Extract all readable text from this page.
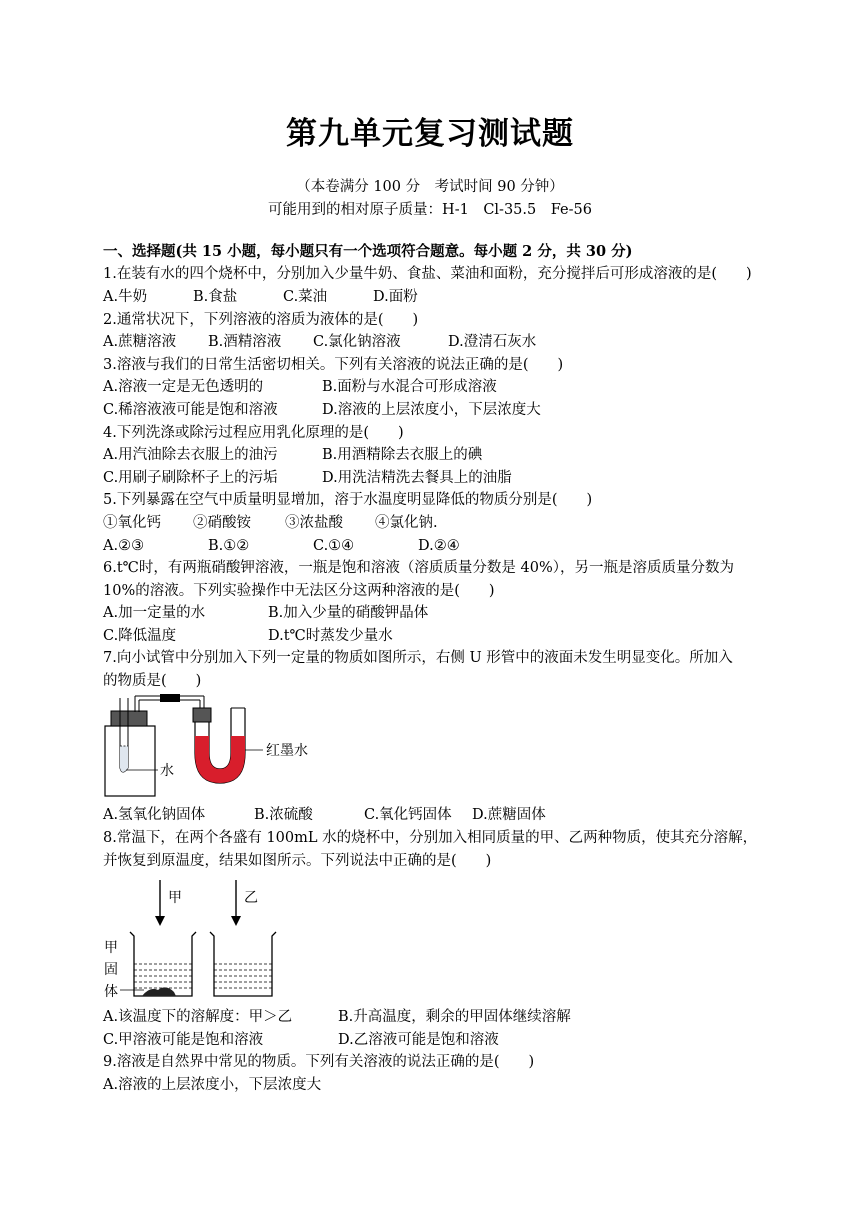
第九单元复习测试题
（本卷满分 100 分　考试时间 90 分钟）
可能用到的相对原子质量：H-1　Cl-35.5　Fe-56
一、选择题(共 15 小题，每小题只有一个选项符合题意。每小题 2 分，共 30 分)
1.在装有水的四个烧杯中，分别加入少量牛奶、食盐、菜油和面粉，充分搅拌后可形成溶液的是(　　)
A.牛奶	B.食盐	C.菜油	D.面粉
2.通常状况下，下列溶液的溶质为液体的是(　　)
A.蔗糖溶液 B.酒精溶液 C.氯化钠溶液	D.澄清石灰水
3.溶液与我们的日常生活密切相关。下列有关溶液的说法正确的是(　　)
A.溶液一定是无色透明的	B.面粉与水混合可形成溶液
C.稀溶液液可能是饱和溶液	D.溶液的上层浓度小，下层浓度大
4.下列洗涤或除污过程应用乳化原理的是(　　)
A.用汽油除去衣服上的油污	B.用酒精除去衣服上的碘
C.用刷子刷除杯子上的污垢	D.用洗洁精洗去餐具上的油脂
5.下列暴露在空气中质量明显增加，溶于水温度明显降低的物质分别是(　　)
①氧化钙 ②硝酸铵 ③浓盐酸 ④氯化钠.
A.②③	B.①②	C.①④	D.②④
6.t℃时，有两瓶硝酸钾溶液，一瓶是饱和溶液（溶质质量分数是 40%），另一瓶是溶质质量分数为
10%的溶液。下列实验操作中无法区分这两种溶液的是(　　)
A.加一定量的水	B.加入少量的硝酸钾晶体
C.降低温度	D.t℃时蒸发少量水
7.向小试管中分别加入下列一定量的物质如图所示，右侧 U 形管中的液面未发生明显变化。所加入
的物质是(　　)
水
红墨水
A.氢氧化钠固体	B.浓硫酸	C.氧化钙固体 D.蔗糖固体
8.常温下，在两个各盛有 100mL 水的烧杯中，分别加入相同质量的甲、乙两种物质，使其充分溶解，
并恢复到原温度，结果如图所示。下列说法中正确的是(　　)
甲	乙
甲
固
体
A.该温度下的溶解度：甲＞乙	B.升高温度，剩余的甲固体继续溶解
C.甲溶液可能是饱和溶液	D.乙溶液可能是饱和溶液
9.溶液是自然界中常见的物质。下列有关溶液的说法正确的是(　　)
A.溶液的上层浓度小，下层浓度大
